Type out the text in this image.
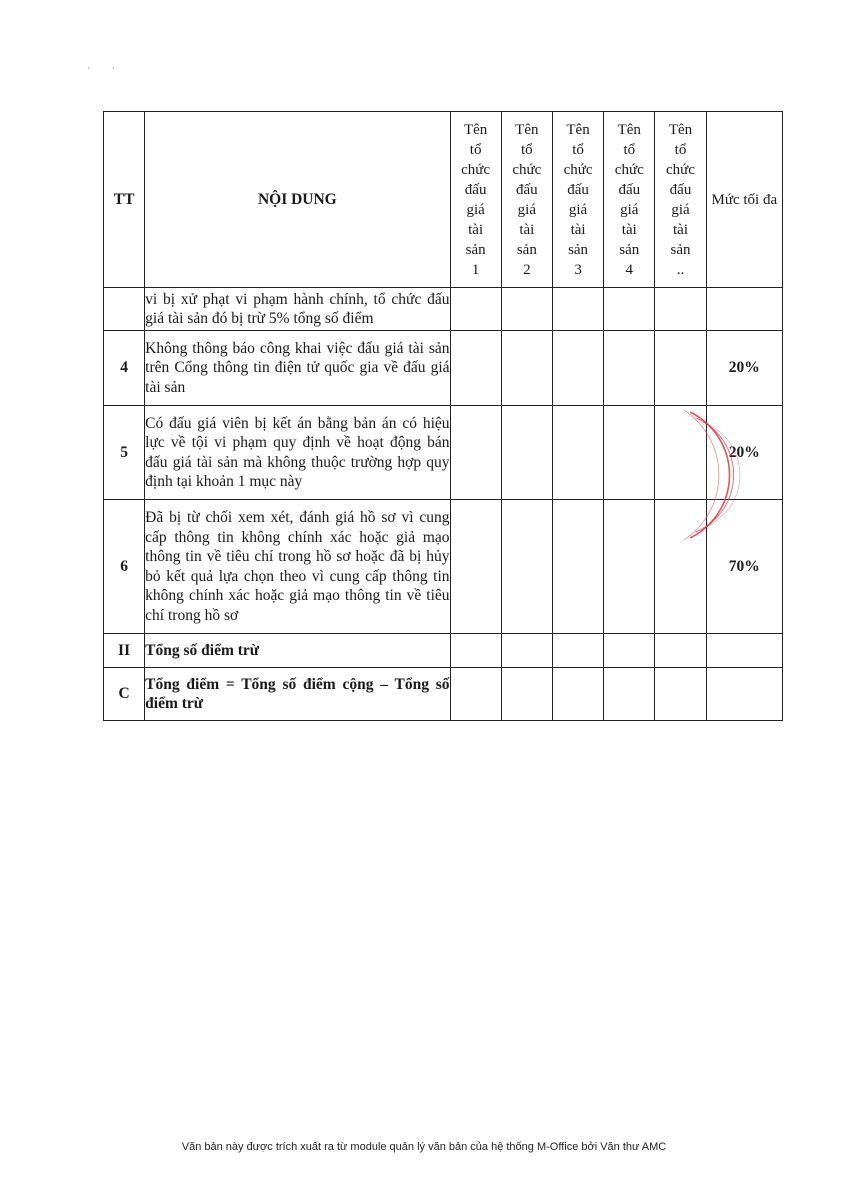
' '
TT	NỘI DUNG	Tên tổ chức đấu giá tài sản 1	Tên tổ chức đấu giá tài sản 2	Tên tổ chức đấu giá tài sản 3	Tên tổ chức đấu giá tài sản 4	Tên tổ chức đấu giá tài sản ..	Mức tối đa
	vi bị xử phạt vi phạm hành chính, tổ chức đấu giá tài sản đó bị trừ 5% tổng số điểm						
4	Không thông báo công khai việc đấu giá tài sản trên Cổng thông tin điện tử quốc gia về đấu giá tài sản						20%
5	Có đấu giá viên bị kết án bằng bản án có hiệu lực về tội vi phạm quy định về hoạt động bán đấu giá tài sản mà không thuộc trường hợp quy định tại khoản 1 mục này						20%
6	Đã bị từ chối xem xét, đánh giá hồ sơ vì cung cấp thông tin không chính xác hoặc giả mạo thông tin về tiêu chí trong hồ sơ hoặc đã bị hủy bỏ kết quả lựa chọn theo vì cung cấp thông tin không chính xác hoặc giả mạo thông tin về tiêu chí trong hồ sơ						70%
II	Tổng số điểm trừ						
C	Tổng điểm = Tổng số điểm cộng – Tổng số điểm trừ						
Văn bản này được trích xuất ra từ module quản lý văn bản của hệ thống M-Office bởi Văn thư AMC
